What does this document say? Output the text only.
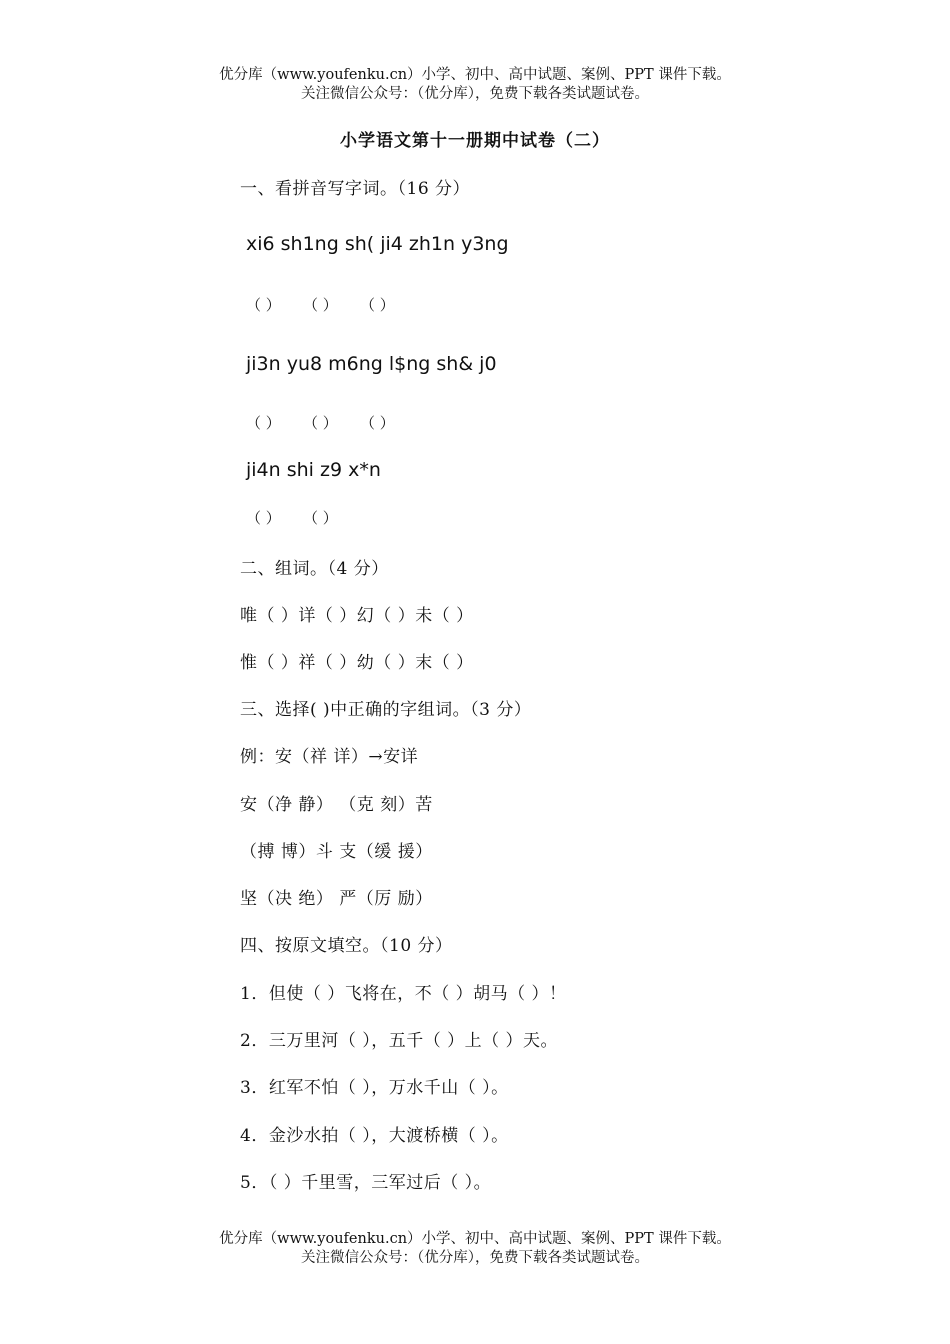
优分库（www.youfenku.cn）小学、初中、高中试题、案例、PPT 课件下载。
关注微信公众号：（优分库），免费下载各类试题试卷。
小学语文第十一册期中试卷（二）
一、看拼音写字词。（16 分）
xi6 sh1ng sh( ji4 zh1n y3ng
（ ） （ ） （ ）
ji3n yu8 m6ng l$ng sh& j0
（ ） （ ） （ ）
ji4n shi z9 x*n
（ ） （ ）
二、组词。（4 分）
唯（ ）详（ ）幻（ ）未（ ）
惟（ ）祥（ ）幼（ ）末（ ）
三、选择( )中正确的字组词。（3 分）
例：安（祥 详）→安详
安（净 静） （克 刻）苦
（搏 博）斗 支（缓 援）
坚（决 绝） 严（厉 励）
四、按原文填空。（10 分）
1．但使（ ）飞将在，不（ ）胡马（ ）！
2．三万里河（ ），五千（ ）上（ ）天。
3．红军不怕（ ），万水千山（ ）。
4．金沙水拍（ ），大渡桥横（ ）。
5．（ ）千里雪，三军过后（ ）。
优分库（www.youfenku.cn）小学、初中、高中试题、案例、PPT 课件下载。
关注微信公众号：（优分库），免费下载各类试题试卷。
